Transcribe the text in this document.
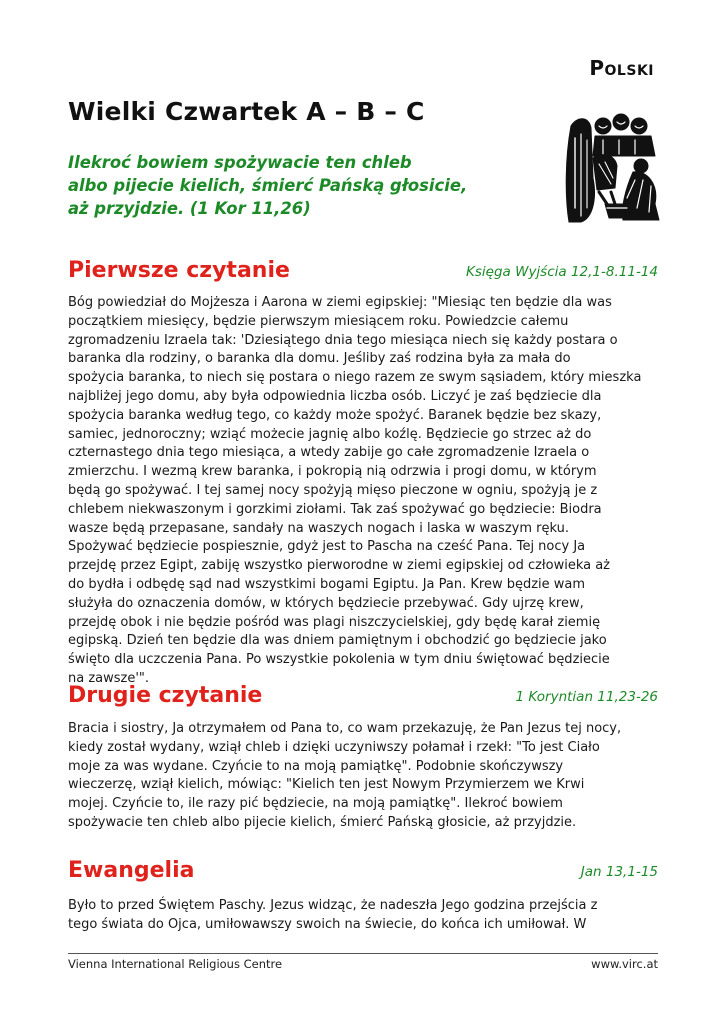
Polski
Wielki Czwartek A – B – C
Ilekroć bowiem spożywacie ten chleb
albo pijecie kielich, śmierć Pańską głosicie,
aż przyjdzie. (1 Kor 11,26)
Pierwsze czytanie	Księga Wyjścia 12,1-8.11-14
Bóg powiedział do Mojżesza i Aarona w ziemi egipskiej: "Miesiąc ten będzie dla was
początkiem miesięcy, będzie pierwszym miesiącem roku. Powiedzcie całemu
zgromadzeniu Izraela tak: 'Dziesiątego dnia tego miesiąca niech się każdy postara o
baranka dla rodziny, o baranka dla domu. Jeśliby zaś rodzina była za mała do
spożycia baranka, to niech się postara o niego razem ze swym sąsiadem, który mieszka
najbliżej jego domu, aby była odpowiednia liczba osób. Liczyć je zaś będziecie dla
spożycia baranka według tego, co każdy może spożyć. Baranek będzie bez skazy,
samiec, jednoroczny; wziąć możecie jagnię albo koźlę. Będziecie go strzec aż do
czternastego dnia tego miesiąca, a wtedy zabije go całe zgromadzenie Izraela o
zmierzchu. I wezmą krew baranka, i pokropią nią odrzwia i progi domu, w którym
będą go spożywać. I tej samej nocy spożyją mięso pieczone w ogniu, spożyją je z
chlebem niekwaszonym i gorzkimi ziołami. Tak zaś spożywać go będziecie: Biodra
wasze będą przepasane, sandały na waszych nogach i laska w waszym ręku.
Spożywać będziecie pospiesznie, gdyż jest to Pascha na cześć Pana. Tej nocy Ja
przejdę przez Egipt, zabiję wszystko pierworodne w ziemi egipskiej od człowieka aż
do bydła i odbędę sąd nad wszystkimi bogami Egiptu. Ja Pan. Krew będzie wam
służyła do oznaczenia domów, w których będziecie przebywać. Gdy ujrzę krew,
przejdę obok i nie będzie pośród was plagi niszczycielskiej, gdy będę karał ziemię
egipską. Dzień ten będzie dla was dniem pamiętnym i obchodzić go będziecie jako
święto dla uczczenia Pana. Po wszystkie pokolenia w tym dniu świętować będziecie
na zawsze'".
Drugie czytanie	1 Koryntian 11,23-26
Bracia i siostry, Ja otrzymałem od Pana to, co wam przekazuję, że Pan Jezus tej nocy,
kiedy został wydany, wziął chleb i dzięki uczyniwszy połamał i rzekł: "To jest Ciało
moje za was wydane. Czyńcie to na moją pamiątkę". Podobnie skończywszy
wieczerzę, wziął kielich, mówiąc: "Kielich ten jest Nowym Przymierzem we Krwi
mojej. Czyńcie to, ile razy pić będziecie, na moją pamiątkę". Ilekroć bowiem
spożywacie ten chleb albo pijecie kielich, śmierć Pańską głosicie, aż przyjdzie.
Ewangelia	Jan 13,1-15
Było to przed Świętem Paschy. Jezus widząc, że nadeszła Jego godzina przejścia z
tego świata do Ojca, umiłowawszy swoich na świecie, do końca ich umiłował. W
Vienna International Religious Centre	www.virc.at
